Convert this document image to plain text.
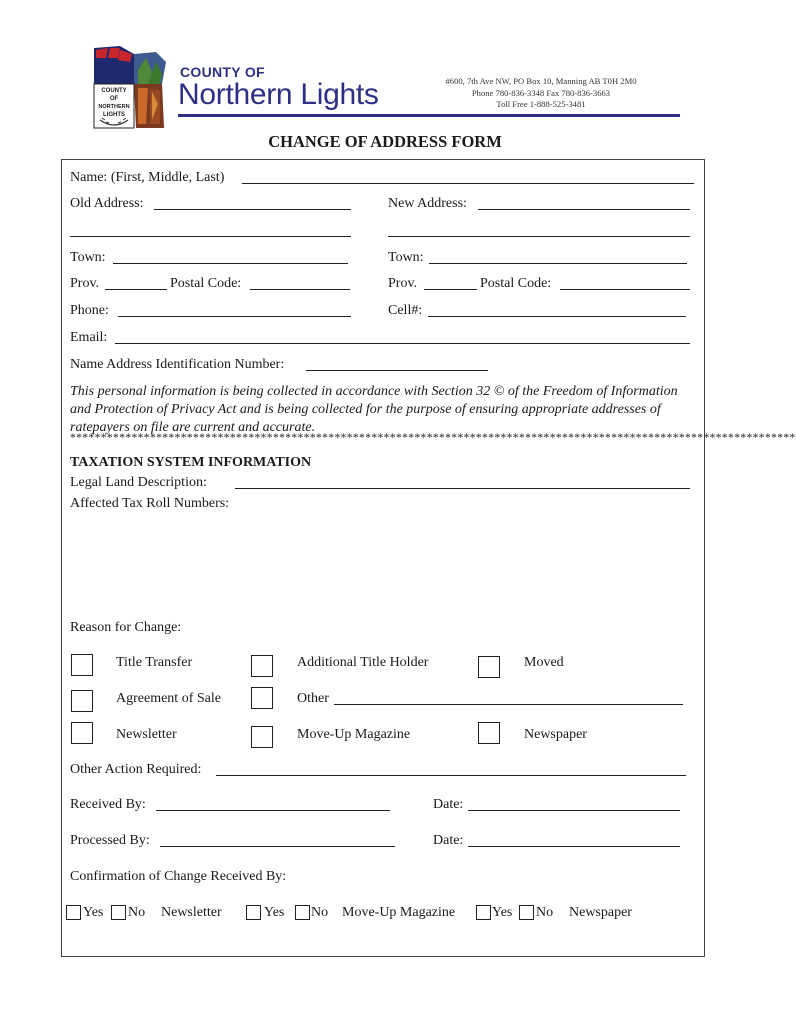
COUNTY
OF
NORTHERN
LIGHTS
COUNTY OF
Northern Lights	#600, 7th Ave NW, PO Box 10, Manning AB T0H 2M0
Phone 780-836-3348 Fax 780-836-3663
Toll Free 1-888-525-3481
CHANGE OF ADDRESS FORM
Name: (First, Middle, Last)
Old Address:	New Address:
Town:	Town:
Prov.	Postal Code:	Prov.	Postal Code:
Phone:	Cell#:
Email:
Name Address Identification Number:
This personal information is being collected in accordance with Section 32 © of the Freedom of Information and Protection of Privacy Act and is being collected for the purpose of ensuring appropriate addresses of ratepayers on file are current and accurate.
**********************************************************************************************************************
TAXATION SYSTEM INFORMATION
Legal Land Description:
Affected Tax Roll Numbers:
Reason for Change:
Title Transfer	Additional Title Holder	Moved
Agreement of Sale	Other
Newsletter	Move-Up Magazine	Newspaper
Other Action Required:
Received By:	Date:
Processed By:	Date:
Confirmation of Change Received By:
Yes No Newsletter	Yes No Move-Up Magazine	Yes No Newspaper
